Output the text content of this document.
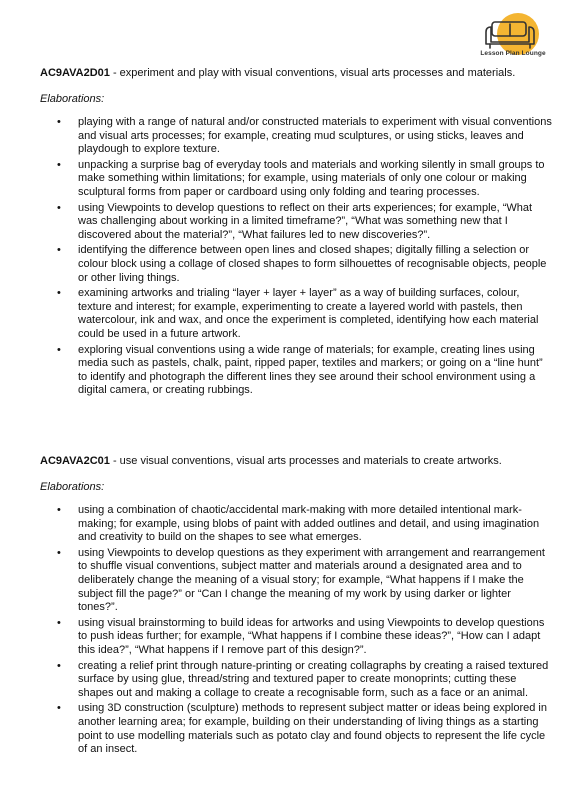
Lesson Plan Lounge

AC9AVA2D01 - experiment and play with visual conventions, visual arts processes and materials.

Elaborations:

• playing with a range of natural and/or constructed materials to experiment with visual conventions and visual arts processes; for example, creating mud sculptures, or using sticks, leaves and playdough to explore texture.
• unpacking a surprise bag of everyday tools and materials and working silently in small groups to make something within limitations; for example, using materials of only one colour or making sculptural forms from paper or cardboard using only folding and tearing processes.
• using Viewpoints to develop questions to reflect on their arts experiences; for example, “What was challenging about working in a limited timeframe?”, “What was something new that I discovered about the material?”, “What failures led to new discoveries?”.
• identifying the difference between open lines and closed shapes; digitally filling a selection or colour block using a collage of closed shapes to form silhouettes of recognisable objects, people or other living things.
• examining artworks and trialing “layer + layer + layer” as a way of building surfaces, colour, texture and interest; for example, experimenting to create a layered world with pastels, then watercolour, ink and wax, and once the experiment is completed, identifying how each material could be used in a future artwork.
• exploring visual conventions using a wide range of materials; for example, creating lines using media such as pastels, chalk, paint, ripped paper, textiles and markers; or going on a “line hunt” to identify and photograph the different lines they see around their school environment using a digital camera, or creating rubbings.

AC9AVA2C01 - use visual conventions, visual arts processes and materials to create artworks.

Elaborations:

• using a combination of chaotic/accidental mark-making with more detailed intentional mark-making; for example, using blobs of paint with added outlines and detail, and using imagination and creativity to build on the shapes to see what emerges.
• using Viewpoints to develop questions as they experiment with arrangement and rearrangement to shuffle visual conventions, subject matter and materials around a designated area and to deliberately change the meaning of a visual story; for example, “What happens if I make the subject fill the page?” or “Can I change the meaning of my work by using darker or lighter tones?”.
• using visual brainstorming to build ideas for artworks and using Viewpoints to develop questions to push ideas further; for example, “What happens if I combine these ideas?”, “How can I adapt this idea?”, “What happens if I remove part of this design?”.
• creating a relief print through nature-printing or creating collagraphs by creating a raised textured surface by using glue, thread/string and textured paper to create monoprints; cutting these shapes out and making a collage to create a recognisable form, such as a face or an animal.
• using 3D construction (sculpture) methods to represent subject matter or ideas being explored in another learning area; for example, building on their understanding of living things as a starting point to use modelling materials such as potato clay and found objects to represent the life cycle of an insect.
